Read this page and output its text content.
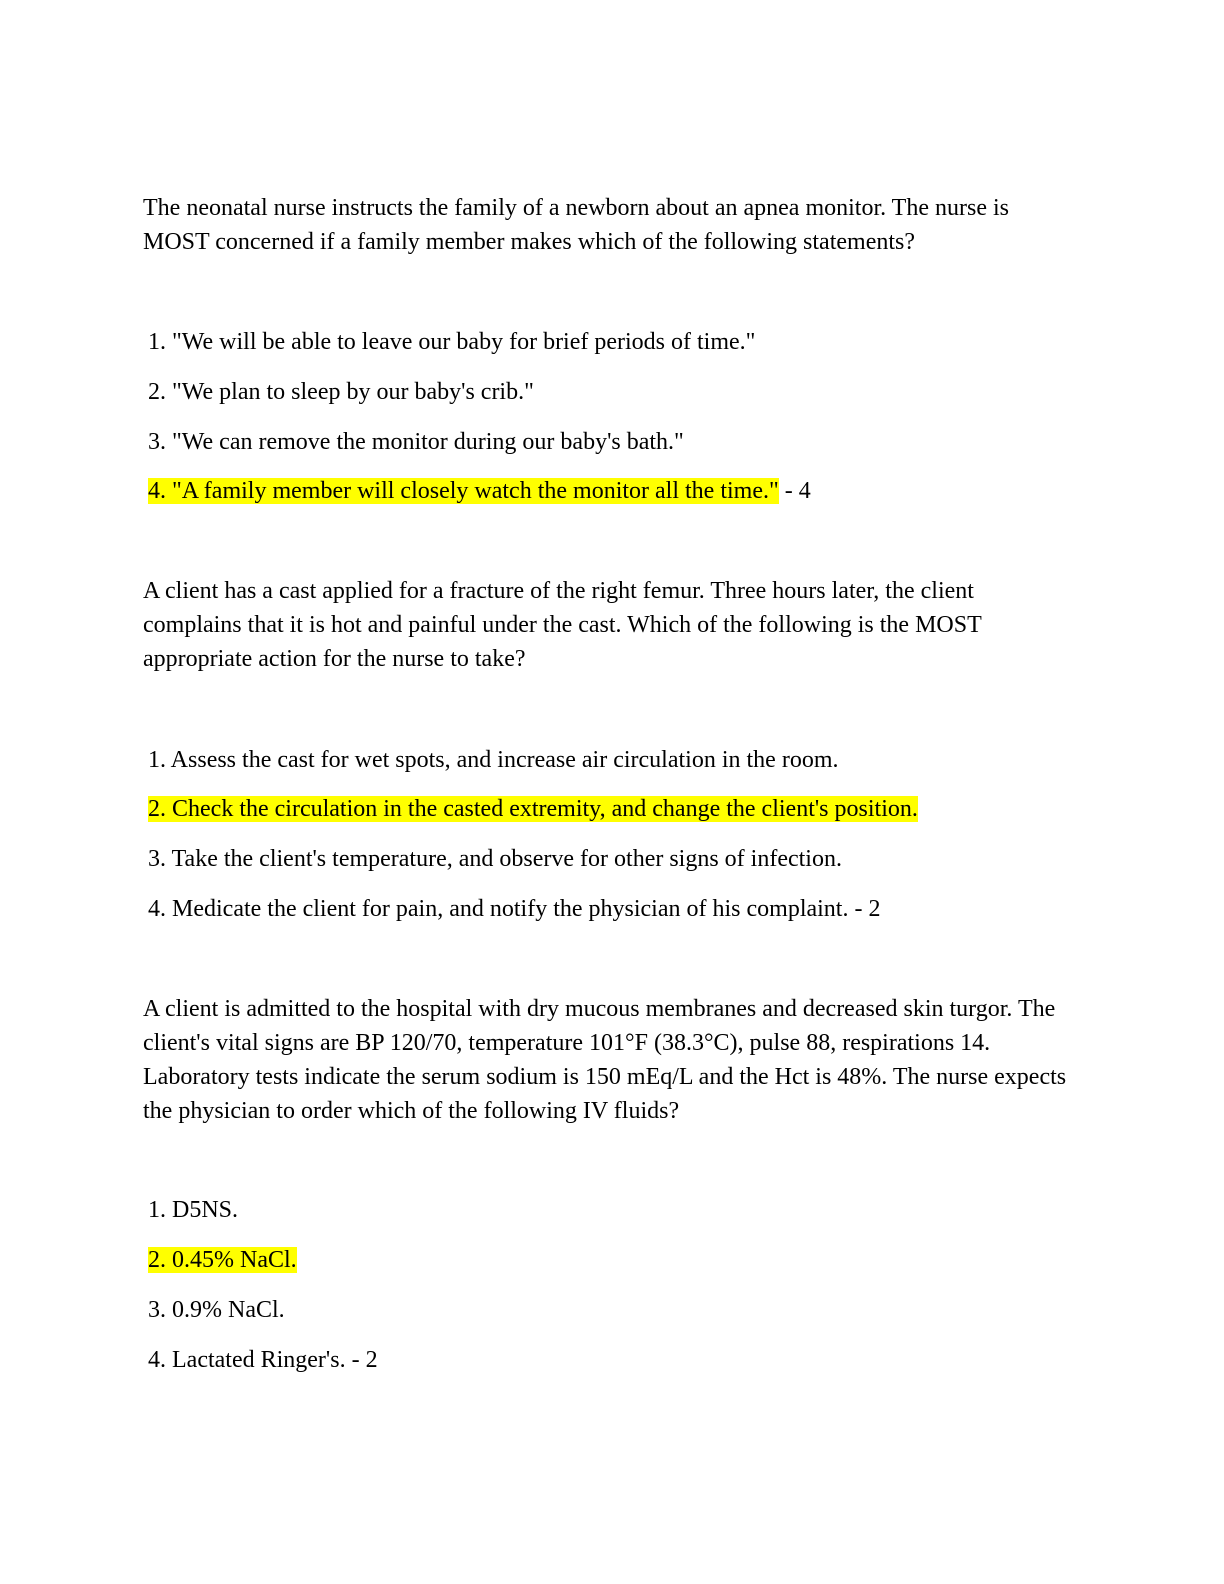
The neonatal nurse instructs the family of a newborn about an apnea monitor. The nurse is MOST concerned if a family member makes which of the following statements?

1. "We will be able to leave our baby for brief periods of time."
2. "We plan to sleep by our baby's crib."
3. "We can remove the monitor during our baby's bath."
4. "A family member will closely watch the monitor all the time." - 4

A client has a cast applied for a fracture of the right femur. Three hours later, the client complains that it is hot and painful under the cast. Which of the following is the MOST appropriate action for the nurse to take?

1. Assess the cast for wet spots, and increase air circulation in the room.
2. Check the circulation in the casted extremity, and change the client's position.
3. Take the client's temperature, and observe for other signs of infection.
4. Medicate the client for pain, and notify the physician of his complaint. - 2

A client is admitted to the hospital with dry mucous membranes and decreased skin turgor. The client's vital signs are BP 120/70, temperature 101°F (38.3°C), pulse 88, respirations 14. Laboratory tests indicate the serum sodium is 150 mEq/L and the Hct is 48%. The nurse expects the physician to order which of the following IV fluids?

1. D5NS.
2. 0.45% NaCl.
3. 0.9% NaCl.
4. Lactated Ringer's. - 2
